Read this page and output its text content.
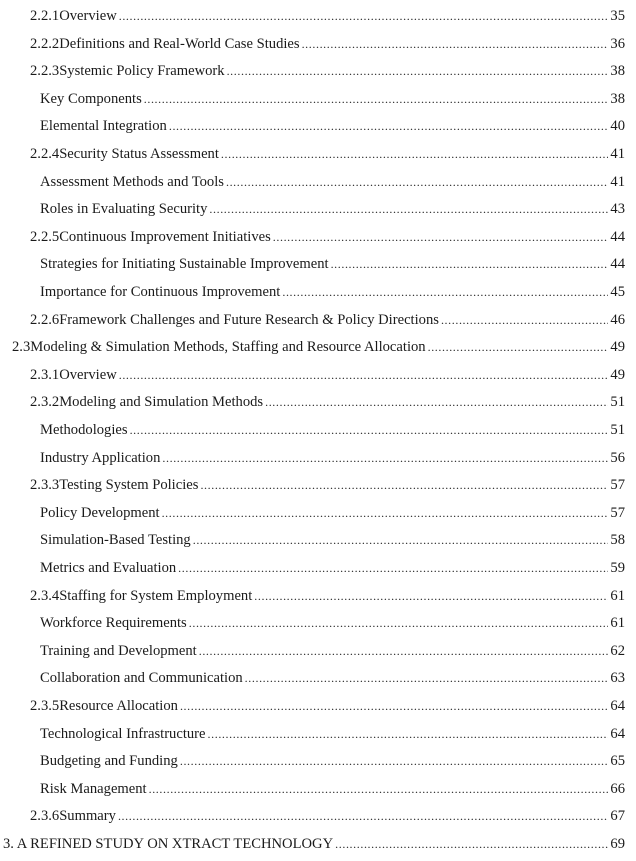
2.2.1 Overview .....	35
2.2.2 Definitions and Real-World Case Studies .....	36
2.2.3 Systemic Policy Framework .....	38
Key Components .....	38
Elemental Integration .....	40
2.2.4 Security Status Assessment .....	41
Assessment Methods and Tools .....	41
Roles in Evaluating Security .....	43
2.2.5 Continuous Improvement Initiatives .....	44
Strategies for Initiating Sustainable Improvement .....	44
Importance for Continuous Improvement .....	45
2.2.6 Framework Challenges and Future Research & Policy Directions .....	46
2.3 Modeling & Simulation Methods, Staffing and Resource Allocation .....	49
2.3.1 Overview .....	49
2.3.2 Modeling and Simulation Methods .....	51
Methodologies .....	51
Industry Application .....	56
2.3.3 Testing System Policies .....	57
Policy Development .....	57
Simulation-Based Testing .....	58
Metrics and Evaluation .....	59
2.3.4 Staffing for System Employment .....	61
Workforce Requirements .....	61
Training and Development .....	62
Collaboration and Communication .....	63
2.3.5 Resource Allocation .....	64
Technological Infrastructure .....	64
Budgeting and Funding .....	65
Risk Management .....	66
2.3.6 Summary .....	67
3. A REFINED STUDY ON XTRACT TECHNOLOGY .....	69
